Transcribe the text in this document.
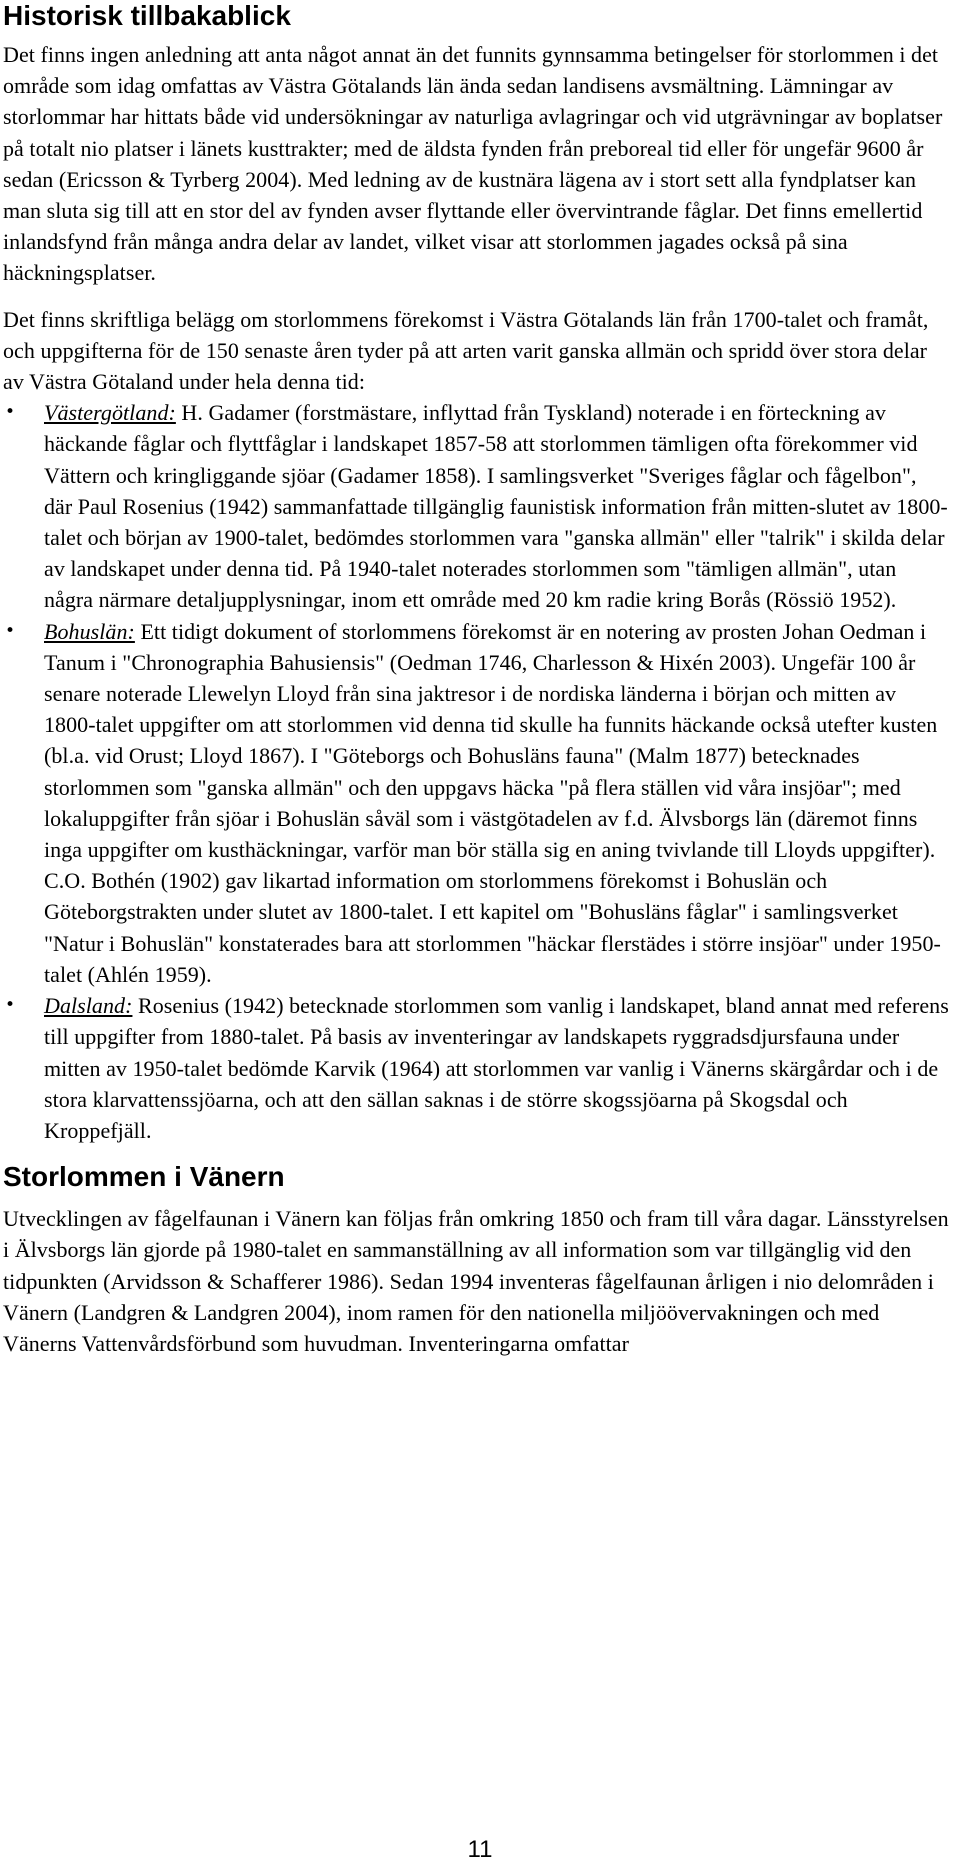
Historisk tillbakablick

Det finns ingen anledning att anta något annat än det funnits gynnsamma betingelser för storlommen i det område som idag omfattas av Västra Götalands län ända sedan landisens avsmältning. Lämningar av storlommar har hittats både vid undersökningar av naturliga avlagringar och vid utgrävningar av boplatser på totalt nio platser i länets kusttrakter; med de äldsta fynden från preboreal tid eller för ungefär 9600 år sedan (Ericsson & Tyrberg 2004). Med ledning av de kustnära lägena av i stort sett alla fyndplatser kan man sluta sig till att en stor del av fynden avser flyttande eller övervintrande fåglar. Det finns emellertid inlandsfynd från många andra delar av landet, vilket visar att storlommen jagades också på sina häckningsplatser.

Det finns skriftliga belägg om storlommens förekomst i Västra Götalands län från 1700-talet och framåt, och uppgifterna för de 150 senaste åren tyder på att arten varit ganska allmän och spridd över stora delar av Västra Götaland under hela denna tid:

• Västergötland: H. Gadamer (forstmästare, inflyttad från Tyskland) noterade i en förteckning av häckande fåglar och flyttfåglar i landskapet 1857-58 att storlommen tämligen ofta förekommer vid Vättern och kringliggande sjöar (Gadamer 1858). I samlingsverket "Sveriges fåglar och fågelbon", där Paul Rosenius (1942) sammanfattade tillgänglig faunistisk information från mitten-slutet av 1800-talet och början av 1900-talet, bedömdes storlommen vara "ganska allmän" eller "talrik" i skilda delar av landskapet under denna tid. På 1940-talet noterades storlommen som "tämligen allmän", utan några närmare detaljupplysningar, inom ett område med 20 km radie kring Borås (Rössiö 1952).
• Bohuslän: Ett tidigt dokument of storlommens förekomst är en notering av prosten Johan Oedman i Tanum i "Chronographia Bahusiensis" (Oedman 1746, Charlesson & Hixén 2003). Ungefär 100 år senare noterade Llewelyn Lloyd från sina jaktresor i de nordiska länderna i början och mitten av 1800-talet uppgifter om att storlommen vid denna tid skulle ha funnits häckande också utefter kusten (bl.a. vid Orust; Lloyd 1867). I "Göteborgs och Bohusläns fauna" (Malm 1877) betecknades storlommen som "ganska allmän" och den uppgavs häcka "på flera ställen vid våra insjöar"; med lokaluppgifter från sjöar i Bohuslän såväl som i västgötadelen av f.d. Älvsborgs län (däremot finns inga uppgifter om kusthäckningar, varför man bör ställa sig en aning tvivlande till Lloyds uppgifter). C.O. Bothén (1902) gav likartad information om storlommens förekomst i Bohuslän och Göteborgstrakten under slutet av 1800-talet. I ett kapitel om "Bohusläns fåglar" i samlingsverket "Natur i Bohuslän" konstaterades bara att storlommen "häckar flerstädes i större insjöar" under 1950-talet (Ahlén 1959).
• Dalsland: Rosenius (1942) betecknade storlommen som vanlig i landskapet, bland annat med referens till uppgifter from 1880-talet. På basis av inventeringar av landskapets ryggradsdjursfauna under mitten av 1950-talet bedömde Karvik (1964) att storlommen var vanlig i Vänerns skärgårdar och i de stora klarvattenssjöarna, och att den sällan saknas i de större skogssjöarna på Skogsdal och Kroppefjäll.
Storlommen i Vänern

Utvecklingen av fågelfaunan i Vänern kan följas från omkring 1850 och fram till våra dagar. Länsstyrelsen i Älvsborgs län gjorde på 1980-talet en sammanställning av all information som var tillgänglig vid den tidpunkten (Arvidsson & Schafferer 1986). Sedan 1994 inventeras fågelfaunan årligen i nio delområden i Vänern (Landgren & Landgren 2004), inom ramen för den nationella miljöövervakningen och med Vänerns Vattenvårdsförbund som huvudman. Inventeringarna omfattar

11
